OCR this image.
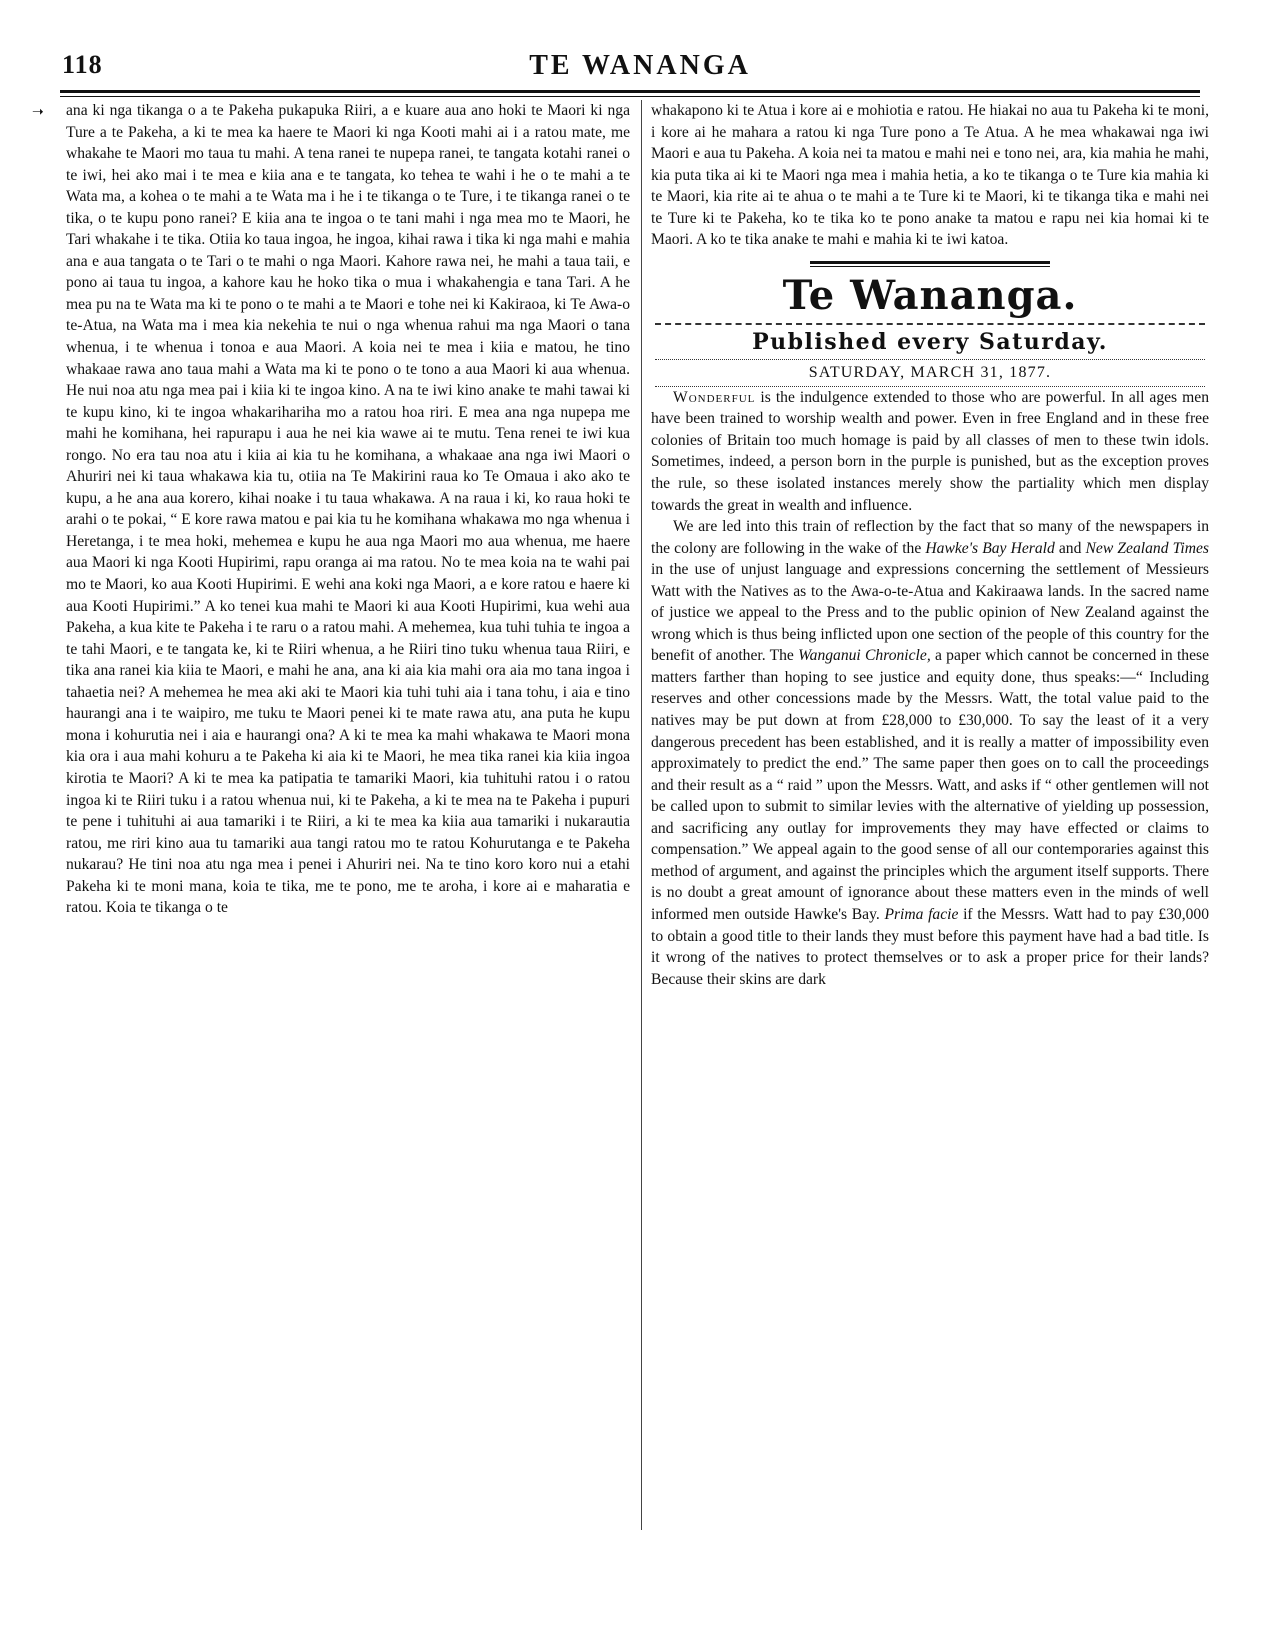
118	TE WANANGA
➝ ana ki nga tikanga o a te Pakeha pukapuka Riiri, a e kuare aua ano hoki te Maori ki nga Ture a te Pakeha, a ki te mea ka haere te Maori ki nga Kooti mahi ai i a ratou mate, me whakahe te Maori mo taua tu mahi. A tena ranei te nupepa ranei, te tangata kotahi ranei o te iwi, hei ako mai i te mea e kiia ana e te tangata, ko tehea te wahi i he o te mahi a te Wata ma, a kohea o te mahi a te Wata ma i he i te tikanga o te Ture, i te tikanga ranei o te tika, o te kupu pono ranei? E kiia ana te ingoa o te tani mahi i nga mea mo te Maori, he Tari whakahe i te tika. Otiia ko taua ingoa, he ingoa, kihai rawa i tika ki nga mahi e mahia ana e aua tangata o te Tari o te mahi o nga Maori. Kahore rawa nei, he mahi a taua taii, e pono ai taua tu ingoa, a kahore kau he hoko tika o mua i whakahengia e tana Tari. A he mea pu na te Wata ma ki te pono o te mahi a te Maori e tohe nei ki Kakiraoa, ki Te Awa-o te-Atua, na Wata ma i mea kia nekehia te nui o nga whenua rahui ma nga Maori o tana whenua, i te whenua i tonoa e aua Maori. A koia nei te mea i kiia e matou, he tino whakaae rawa ano taua mahi a Wata ma ki te pono o te tono a aua Maori ki aua whenua. He nui noa atu nga mea pai i kiia ki te ingoa kino. A na te iwi kino anake te mahi tawai ki te kupu kino, ki te ingoa whakarihariha mo a ratou hoa riri. E mea ana nga nupepa me mahi he komihana, hei rapurapu i aua he nei kia wawe ai te mutu. Tena renei te iwi kua rongo. No era tau noa atu i kiia ai kia tu he komihana, a whakaae ana nga iwi Maori o Ahuriri nei ki taua whakawa kia tu, otiia na Te Makirini raua ko Te Omaua i ako ako te kupu, a he ana aua korero, kihai noake i tu taua whakawa. A na raua i ki, ko raua hoki te arahi o te pokai, “ E kore rawa matou e pai kia tu he komihana whakawa mo nga whenua i Heretanga, i te mea hoki, mehemea e kupu he aua nga Maori mo aua whenua, me haere aua Maori ki nga Kooti Hupirimi, rapu oranga ai ma ratou. No te mea koia na te wahi pai mo te Maori, ko aua Kooti Hupirimi. E wehi ana koki nga Maori, a e kore ratou e haere ki aua Kooti Hupirimi.” A ko tenei kua mahi te Maori ki aua Kooti Hupirimi, kua wehi aua Pakeha, a kua kite te Pakeha i te raru o a ratou mahi. A mehemea, kua tuhi tuhia te ingoa a te tahi Maori, e te tangata ke, ki te Riiri whenua, a he Riiri tino tuku whenua taua Riiri, e tika ana ranei kia kiia te Maori, e mahi he ana, ana ki aia kia mahi ora aia mo tana ingoa i tahaetia nei? A mehemea he mea aki aki te Maori kia tuhi tuhi aia i tana tohu, i aia e tino haurangi ana i te waipiro, me tuku te Maori penei ki te mate rawa atu, ana puta he kupu mona i kohurutia nei i aia e haurangi ona? A ki te mea ka mahi whakawa te Maori mona kia ora i aua mahi kohuru a te Pakeha ki aia ki te Maori, he mea tika ranei kia kiia ingoa kirotia te Maori? A ki te mea ka patipatia te tamariki Maori, kia tuhituhi ratou i o ratou ingoa ki te Riiri tuku i a ratou whenua nui, ki te Pakeha, a ki te mea na te Pakeha i pupuri te pene i tuhituhi ai aua tamariki i te Riiri, a ki te mea ka kiia aua tamariki i nukarautia ratou, me riri kino aua tu tamariki aua tangi ratou mo te ratou Kohurutanga e te Pakeha nukarau? He tini noa atu nga mea i penei i Ahuriri nei. Na te tino koro koro nui a etahi Pakeha ki te moni mana, koia te tika, me te pono, me te aroha, i kore ai e maharatia e ratou. Koia te tikanga o te

whakapono ki te Atua i kore ai e mohiotia e ratou. He hiakai no aua tu Pakeha ki te moni, i kore ai he mahara a ratou ki nga Ture pono a Te Atua. A he mea whakawai nga iwi Maori e aua tu Pakeha. A koia nei ta matou e mahi nei e tono nei, ara, kia mahia he mahi, kia puta tika ai ki te Maori nga mea i mahia hetia, a ko te tikanga o te Ture kia mahia ki te Maori, kia rite ai te ahua o te mahi a te Ture ki te Maori, ki te tikanga tika e mahi nei te Ture ki te Pakeha, ko te tika ko te pono anake ta matou e rapu nei kia homai ki te Maori. A ko te tika anake te mahi e mahia ki te iwi katoa.

Te Wananga.
Published every Saturday.
SATURDAY, MARCH 31, 1877.

Wonderful is the indulgence extended to those who are powerful. In all ages men have been trained to worship wealth and power. Even in free England and in these free colonies of Britain too much homage is paid by all classes of men to these twin idols. Sometimes, indeed, a person born in the purple is punished, but as the exception proves the rule, so these isolated instances merely show the partiality which men display towards the great in wealth and influence.

We are led into this train of reflection by the fact that so many of the newspapers in the colony are following in the wake of the Hawke's Bay Herald and New Zealand Times in the use of unjust language and expressions concerning the settlement of Messieurs Watt with the Natives as to the Awa-o-te-Atua and Kakiraawa lands. In the sacred name of justice we appeal to the Press and to the public opinion of New Zealand against the wrong which is thus being inflicted upon one section of the people of this country for the benefit of another. The Wanganui Chronicle, a paper which cannot be concerned in these matters farther than hoping to see justice and equity done, thus speaks:—“ Including reserves and other concessions made by the Messrs. Watt, the total value paid to the natives may be put down at from £28,000 to £30,000. To say the least of it a very dangerous precedent has been established, and it is really a matter of impossibility even approximately to predict the end.” The same paper then goes on to call the proceedings and their result as a “ raid ” upon the Messrs. Watt, and asks if “ other gentlemen will not be called upon to submit to similar levies with the alternative of yielding up possession, and sacrificing any outlay for improvements they may have effected or claims to compensation.” We appeal again to the good sense of all our contemporaries against this method of argument, and against the principles which the argument itself supports. There is no doubt a great amount of ignorance about these matters even in the minds of well informed men outside Hawke's Bay. Prima facie if the Messrs. Watt had to pay £30,000 to obtain a good title to their lands they must before this payment have had a bad title. Is it wrong of the natives to protect themselves or to ask a proper price for their lands? Because their skins are dark
